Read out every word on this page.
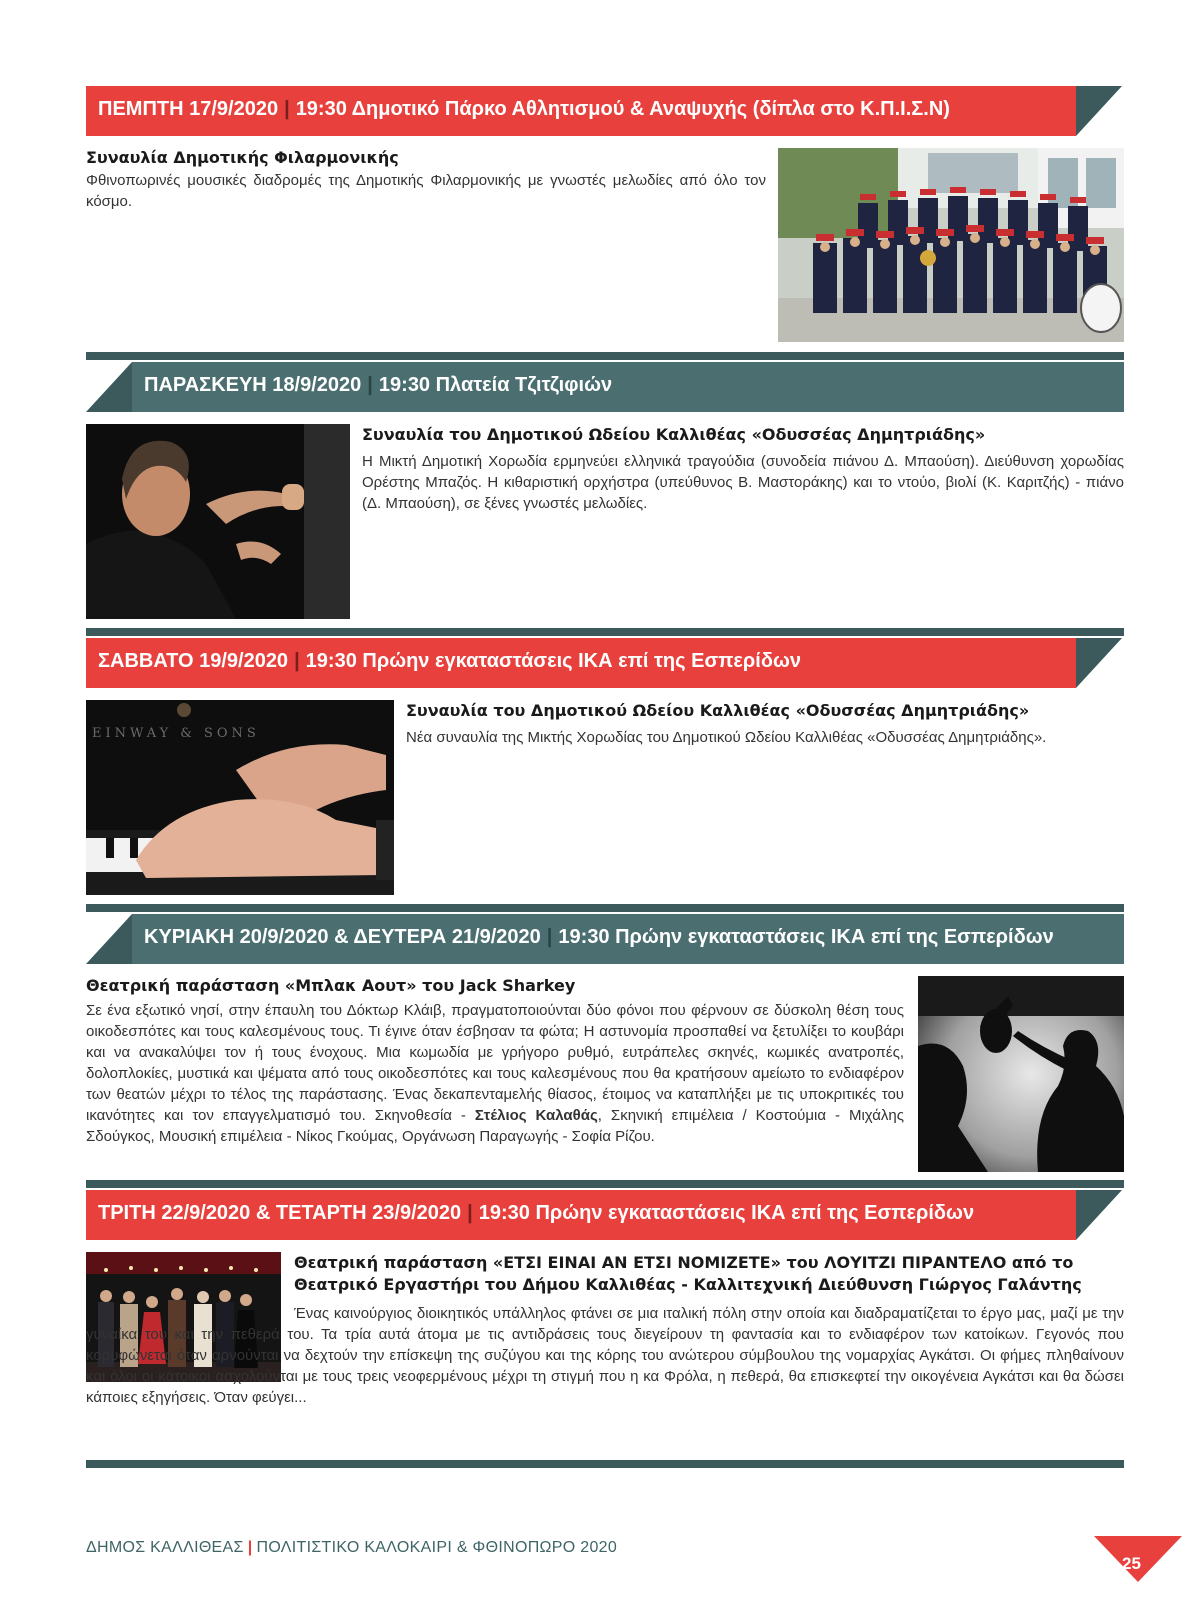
ΠΕΜΠΤΗ 17/9/2020 | 19:30 Δημοτικό Πάρκο Αθλητισμού & Αναψυχής (δίπλα στο Κ.Π.Ι.Σ.Ν)
Συναυλία Δημοτικής Φιλαρμονικής
Φθινοπωρινές μουσικές διαδρομές της Δημοτικής Φιλαρμονικής με γνωστές μελωδίες από όλο τον κόσμο.
ΠΑΡΑΣΚΕΥΗ 18/9/2020 | 19:30 Πλατεία Τζιτζιφιών
Συναυλία του Δημοτικού Ωδείου Καλλιθέας «Οδυσσέας Δημητριάδης»
Η Μικτή Δημοτική Χορωδία ερμηνεύει ελληνικά τραγούδια (συνοδεία πιάνου Δ. Μπαούση). Διεύθυνση χορωδίας Ορέστης Μπαζός. Η κιθαριστική ορχήστρα (υπεύθυνος Β. Μαστοράκης) και το ντούο, βιολί (Κ. Καριτζής) - πιάνο (Δ. Μπαούση), σε ξένες γνωστές μελωδίες.
ΣΑΒΒΑΤΟ 19/9/2020 | 19:30 Πρώην εγκαταστάσεις ΙΚΑ επί της Εσπερίδων
EINWAY & SONS
Συναυλία του Δημοτικού Ωδείου Καλλιθέας «Οδυσσέας Δημητριάδης»
Νέα συναυλία της Μικτής Χορωδίας του Δημοτικού Ωδείου Καλλιθέας «Οδυσσέας Δημητριάδης».
ΚΥΡΙΑΚΗ 20/9/2020 & ΔΕΥΤΕΡΑ 21/9/2020 | 19:30 Πρώην εγκαταστάσεις ΙΚΑ επί της Εσπερίδων
Θεατρική παράσταση «Μπλακ Αουτ» του Jack Sharkey
Σε ένα εξωτικό νησί, στην έπαυλη του Δόκτωρ Κλάιβ, πραγματοποιούνται δύο φόνοι που φέρνουν σε δύσκολη θέση τους οικοδεσπότες και τους καλεσμένους τους. Τι έγινε όταν έσβησαν τα φώτα; Η αστυνομία προσπαθεί να ξετυλίξει το κουβάρι και να ανακαλύψει τον ή τους ένοχους. Μια κωμωδία με γρήγορο ρυθμό, ευτράπελες σκηνές, κωμικές ανατροπές, δολοπλοκίες, μυστικά και ψέματα από τους οικοδεσπότες και τους καλεσμένους που θα κρατήσουν αμείωτο το ενδιαφέρον των θεατών μέχρι το τέλος της παράστασης. Ένας δεκαπενταμελής θίασος, έτοιμος να καταπλήξει με τις υποκριτικές του ικανότητες και τον επαγγελματισμό του. Σκηνοθεσία - Στέλιος Καλαθάς, Σκηνική επιμέλεια / Κοστούμια - Μιχάλης Σδούγκος, Μουσική επιμέλεια - Νίκος Γκούμας, Οργάνωση Παραγωγής - Σοφία Ρίζου.
ΤΡΙΤΗ 22/9/2020 & ΤΕΤΑΡΤΗ 23/9/2020 | 19:30 Πρώην εγκαταστάσεις ΙΚΑ επί της Εσπερίδων
Θεατρική παράσταση «ΕΤΣΙ ΕΙΝΑΙ ΑΝ ΕΤΣΙ ΝΟΜΙΖΕΤΕ» του ΛΟΥΙΤΖΙ ΠΙΡΑΝΤΕΛΟ από το Θεατρικό Εργαστήρι του Δήμου Καλλιθέας - Καλλιτεχνική Διεύθυνση Γιώργος Γαλάντης
Ένας καινούργιος διοικητικός υπάλληλος φτάνει σε μια ιταλική πόλη στην οποία και διαδραματίζεται το έργο μας, μαζί με την γυναίκα του και την πεθερά του. Τα τρία αυτά άτομα με τις αντιδράσεις τους διεγείρουν τη φαντασία και το ενδιαφέρον των κατοίκων. Γεγονός που κορυφώνεται όταν αρνούνται να δεχτούν την επίσκεψη της συζύγου και της κόρης του ανώτερου σύμβουλου της νομαρχίας Αγκάτσι. Οι φήμες πληθαίνουν και όλοι οι κάτοικοι ασχολούνται με τους τρεις νεοφερμένους μέχρι τη στιγμή που η κα Φρόλα, η πεθερά, θα επισκεφτεί την οικογένεια Αγκάτσι και θα δώσει κάποιες εξηγήσεις. Όταν φεύγει...
ΔΗΜΟΣ ΚΑΛΛΙΘΕΑΣ | ΠΟΛΙΤΙΣΤΙΚΟ ΚΑΛΟΚΑΙΡΙ & ΦΘΙΝΟΠΩΡΟ 2020
25
